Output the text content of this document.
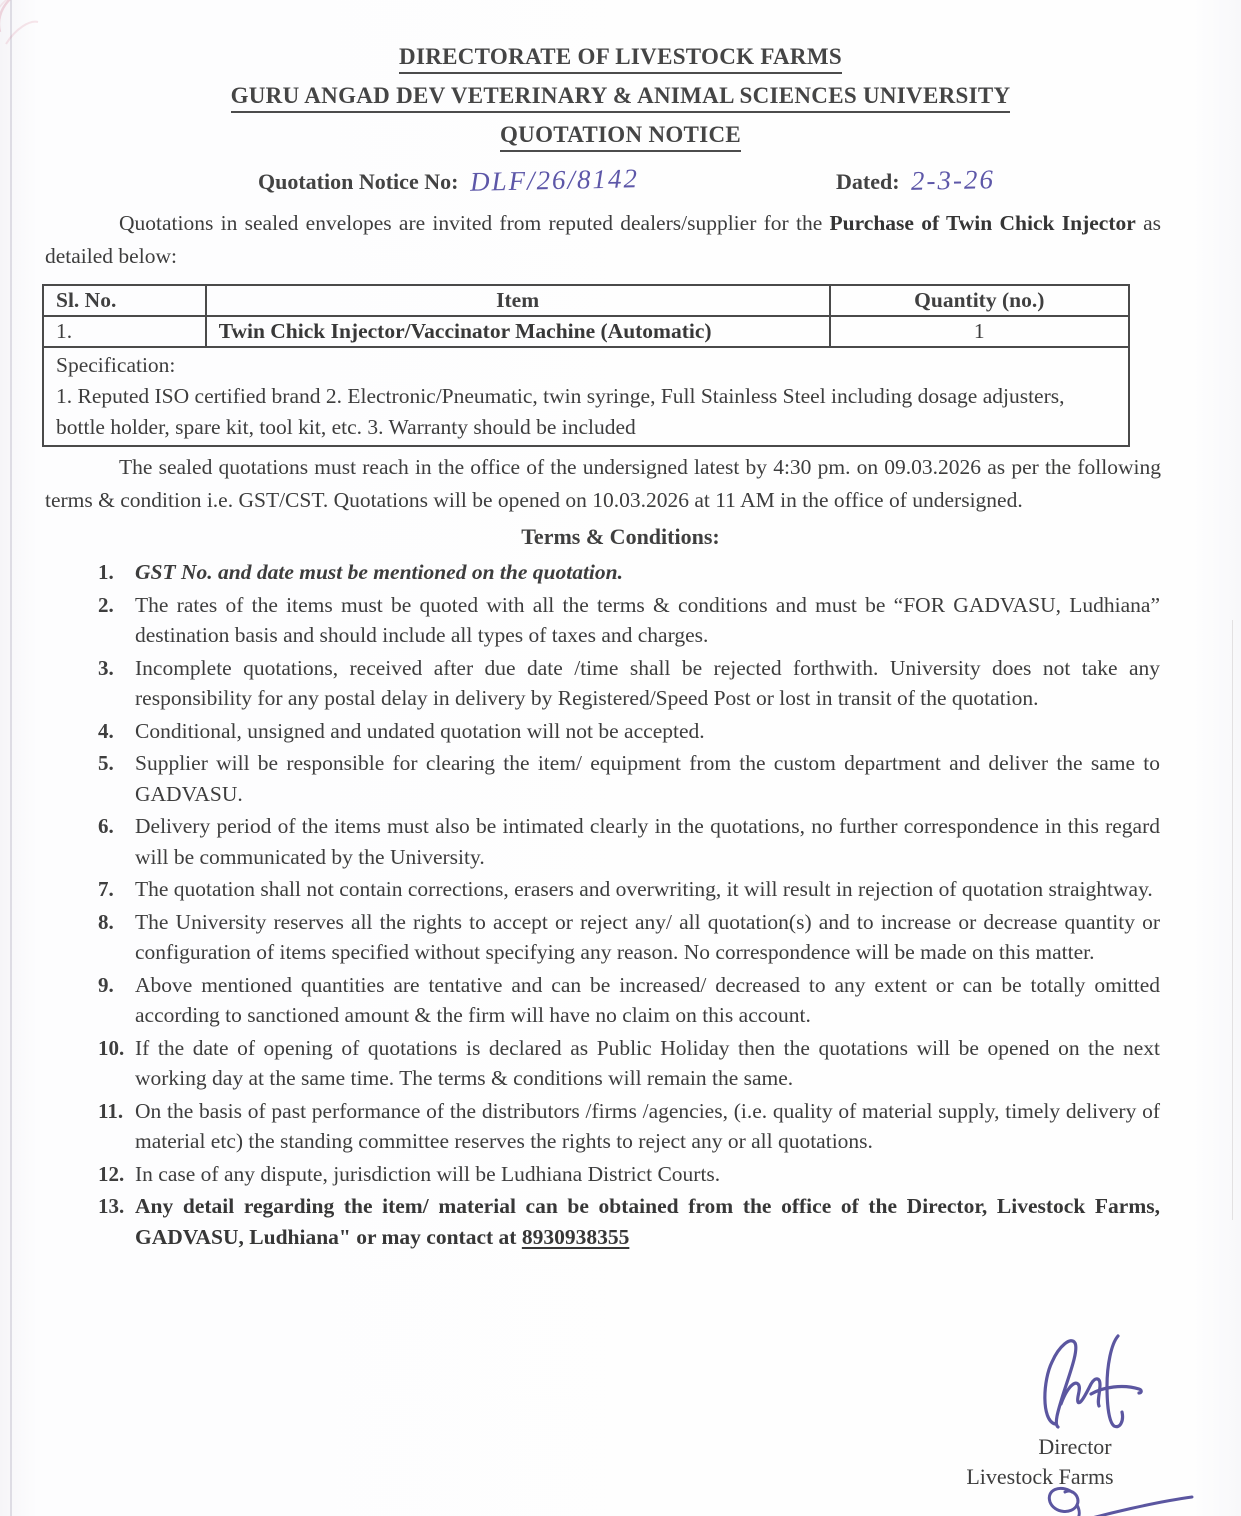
DIRECTORATE OF LIVESTOCK FARMS
GURU ANGAD DEV VETERINARY & ANIMAL SCIENCES UNIVERSITY
QUOTATION NOTICE
Quotation Notice No: DLF/26/8142	Dated: 2-3-26

Quotations in sealed envelopes are invited from reputed dealers/supplier for the Purchase of Twin Chick Injector as detailed below:

Sl. No.	Item	Quantity (no.)
1.	Twin Chick Injector/Vaccinator Machine (Automatic)	1

Specification:
1. Reputed ISO certified brand 2. Electronic/Pneumatic, twin syringe, Full Stainless Steel including dosage adjusters, bottle holder, spare kit, tool kit, etc. 3. Warranty should be included		

The sealed quotations must reach in the office of the undersigned latest by 4:30 pm. on 09.03.2026 as per the following terms & condition i.e. GST/CST. Quotations will be opened on 10.03.2026 at 11 AM in the office of undersigned.

Terms & Conditions:
1. GST No. and date must be mentioned on the quotation.
2. The rates of the items must be quoted with all the terms & conditions and must be “FOR GADVASU, Ludhiana” destination basis and should include all types of taxes and charges.
3. Incomplete quotations, received after due date /time shall be rejected forthwith. University does not take any responsibility for any postal delay in delivery by Registered/Speed Post or lost in transit of the quotation.
4. Conditional, unsigned and undated quotation will not be accepted.
5. Supplier will be responsible for clearing the item/ equipment from the custom department and deliver the same to GADVASU.
6. Delivery period of the items must also be intimated clearly in the quotations, no further correspondence in this regard will be communicated by the University.
7. The quotation shall not contain corrections, erasers and overwriting, it will result in rejection of quotation straightway.
8. The University reserves all the rights to accept or reject any/ all quotation(s) and to increase or decrease quantity or configuration of items specified without specifying any reason. No correspondence will be made on this matter.
9. Above mentioned quantities are tentative and can be increased/ decreased to any extent or can be totally omitted according to sanctioned amount & the firm will have no claim on this account.
10. If the date of opening of quotations is declared as Public Holiday then the quotations will be opened on the next working day at the same time. The terms & conditions will remain the same.
11. On the basis of past performance of the distributors /firms /agencies, (i.e. quality of material supply, timely delivery of material etc) the standing committee reserves the rights to reject any or all quotations.
12. In case of any dispute, jurisdiction will be Ludhiana District Courts.
13. Any detail regarding the item/ material can be obtained from the office of the Director, Livestock Farms, GADVASU, Ludhiana" or may contact at 8930938355
Director
Livestock Farms
